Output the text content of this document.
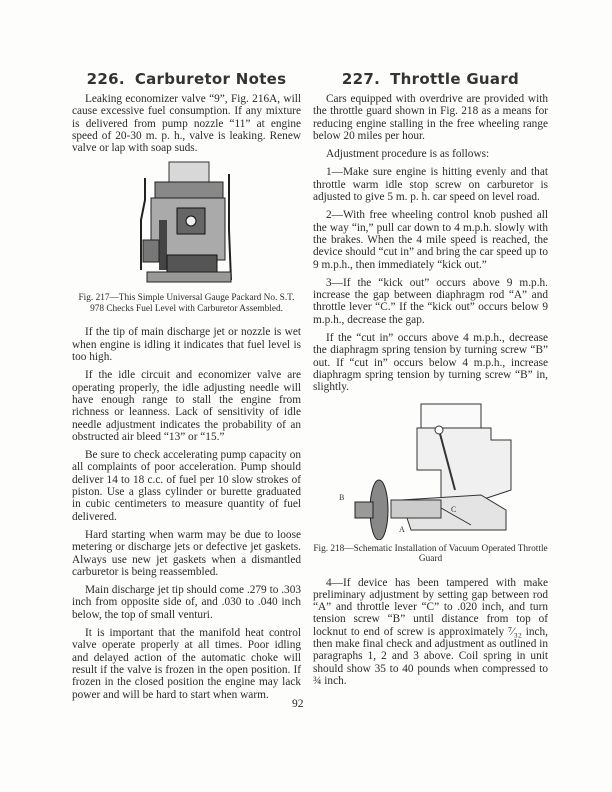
226. Carburetor Notes

Leaking economizer valve “9”, Fig. 216A, will cause excessive fuel consumption. If any mixture is delivered from pump nozzle “11” at engine speed of 20-30 m. p. h., valve is leaking. Renew valve or lap with soap suds.

Fig. 217—This Simple Universal Gauge Packard No. S.T. 978 Checks Fuel Level with Carburetor Assembled.

If the tip of main discharge jet or nozzle is wet when engine is idling it indicates that fuel level is too high.

If the idle circuit and economizer valve are operating properly, the idle adjusting needle will have enough range to stall the engine from richness or leanness. Lack of sensitivity of idle needle adjustment indicates the probability of an obstructed air bleed “13” or “15.”

Be sure to check accelerating pump capacity on all complaints of poor acceleration. Pump should deliver 14 to 18 c.c. of fuel per 10 slow strokes of piston. Use a glass cylinder or burette graduated in cubic centimeters to measure quantity of fuel delivered.

Hard starting when warm may be due to loose metering or discharge jets or defective jet gaskets. Always use new jet gaskets when a dismantled carburetor is being reassembled.

Main discharge jet tip should come .279 to .303 inch from opposite side of, and .030 to .040 inch below, the top of small venturi.

It is important that the manifold heat control valve operate properly at all times. Poor idling and delayed action of the automatic choke will result if the valve is frozen in the open position. If frozen in the closed position the engine may lack power and will be hard to start when warm.

227. Throttle Guard

Cars equipped with overdrive are provided with the throttle guard shown in Fig. 218 as a means for reducing engine stalling in the free wheeling range below 20 miles per hour.

Adjustment procedure is as follows:

1—Make sure engine is hitting evenly and that throttle warm idle stop screw on carburetor is adjusted to give 5 m. p. h. car speed on level road.

2—With free wheeling control knob pushed all the way “in,” pull car down to 4 m.p.h. slowly with the brakes. When the 4 mile speed is reached, the device should “cut in” and bring the car speed up to 9 m.p.h., then immediately “kick out.”

3—If the “kick out” occurs above 9 m.p.h. increase the gap between diaphragm rod “A” and throttle lever “C.” If the “kick out” occurs below 9 m.p.h., decrease the gap.

If the “cut in” occurs above 4 m.p.h., decrease the diaphragm spring tension by turning screw “B” out. If “cut in” occurs below 4 m.p.h., increase diaphragm spring tension by turning screw “B” in, slightly.

B
C
A

Fig. 218—Schematic Installation of Vacuum Operated Throttle Guard

4—If device has been tampered with make preliminary adjustment by setting gap between rod “A” and throttle lever “C” to .020 inch, and turn tension screw “B” until distance from top of locknut to end of screw is approximately ⁷⁄₃₂ inch, then make final check and adjustment as outlined in paragraphs 1, 2 and 3 above. Coil spring in unit should show 35 to 40 pounds when compressed to ¾ inch.

92
